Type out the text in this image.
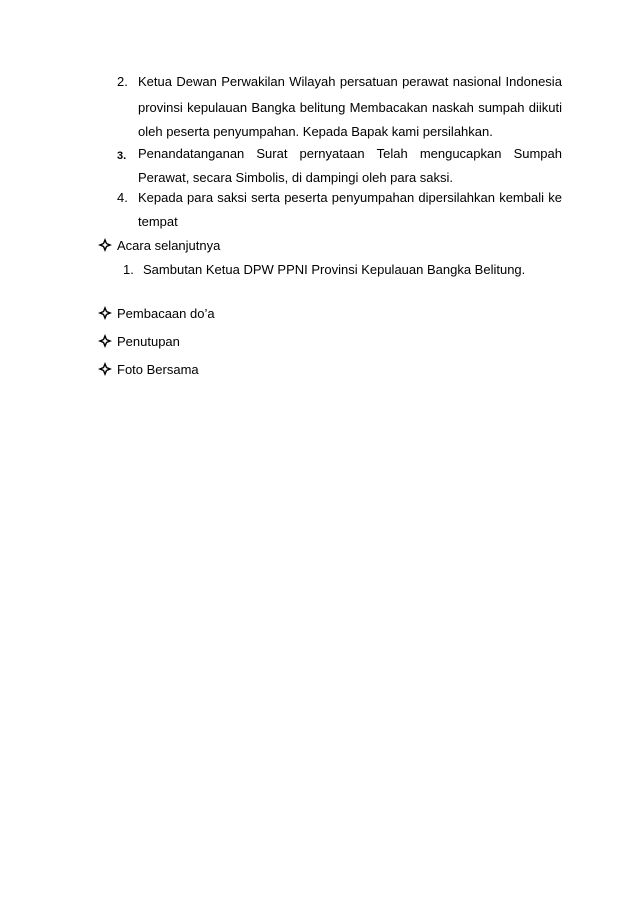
2. Ketua Dewan Perwakilan Wilayah persatuan perawat nasional Indonesia
provinsi kepulauan Bangka belitung Membacakan naskah sumpah diikuti
oleh peserta penyumpahan. Kepada Bapak kami persilahkan.
3. Penandatanganan Surat pernyataan Telah mengucapkan Sumpah
Perawat, secara Simbolis, di dampingi oleh para saksi.
4. Kepada para saksi serta peserta penyumpahan dipersilahkan kembali ke
tempat
Acara selanjutnya
1. Sambutan Ketua DPW PPNI Provinsi Kepulauan Bangka Belitung.
Pembacaan do’a
Penutupan
Foto Bersama
